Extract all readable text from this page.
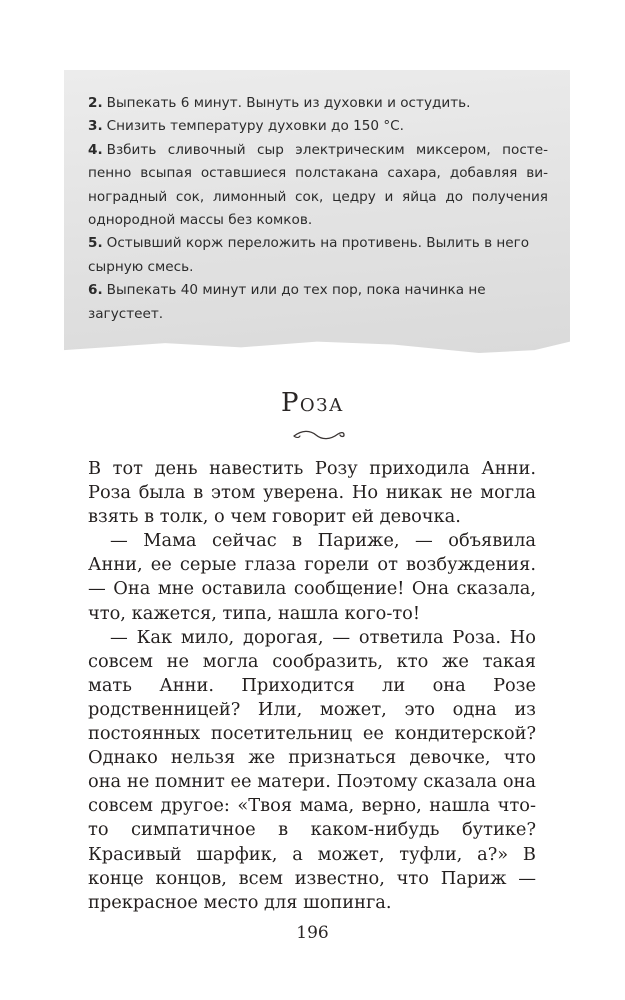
2. Выпекать 6 минут. Вынуть из духовки и остудить.
3. Снизить температуру духовки до 150 °С.
4. Взбить сливочный сыр электрическим миксером, постепенно всыпая оставшиеся полстакана сахара, добавляя виноградный сок, лимонный сок, цедру и яйца до получения однородной массы без комков.
5. Остывший корж переложить на противень. Вылить в него сырную смесь.
6. Выпекать 40 минут или до тех пор, пока начинка не загустеет.
Роза

В тот день навестить Розу приходила Анни. Роза была в этом уверена. Но никак не могла взять в толк, о чем говорит ей девочка.

— Мама сейчас в Париже, — объявила Анни, ее серые глаза горели от возбуждения. — Она мне оставила сообщение! Она сказала, что, кажется, типа, нашла кого-то!

— Как мило, дорогая, — ответила Роза. Но совсем не могла сообразить, кто же такая мать Анни. Приходится ли она Розе родственницей? Или, может, это одна из постоянных посетительниц ее кондитерской? Однако нельзя же признаться девочке, что она не помнит ее матери. Поэтому сказала она совсем другое: «Твоя мама, верно, нашла что-то симпатичное в каком-нибудь бутике? Красивый шарфик, а может, туфли, а?» В конце концов, всем известно, что Париж — прекрасное место для шопинга.

196
